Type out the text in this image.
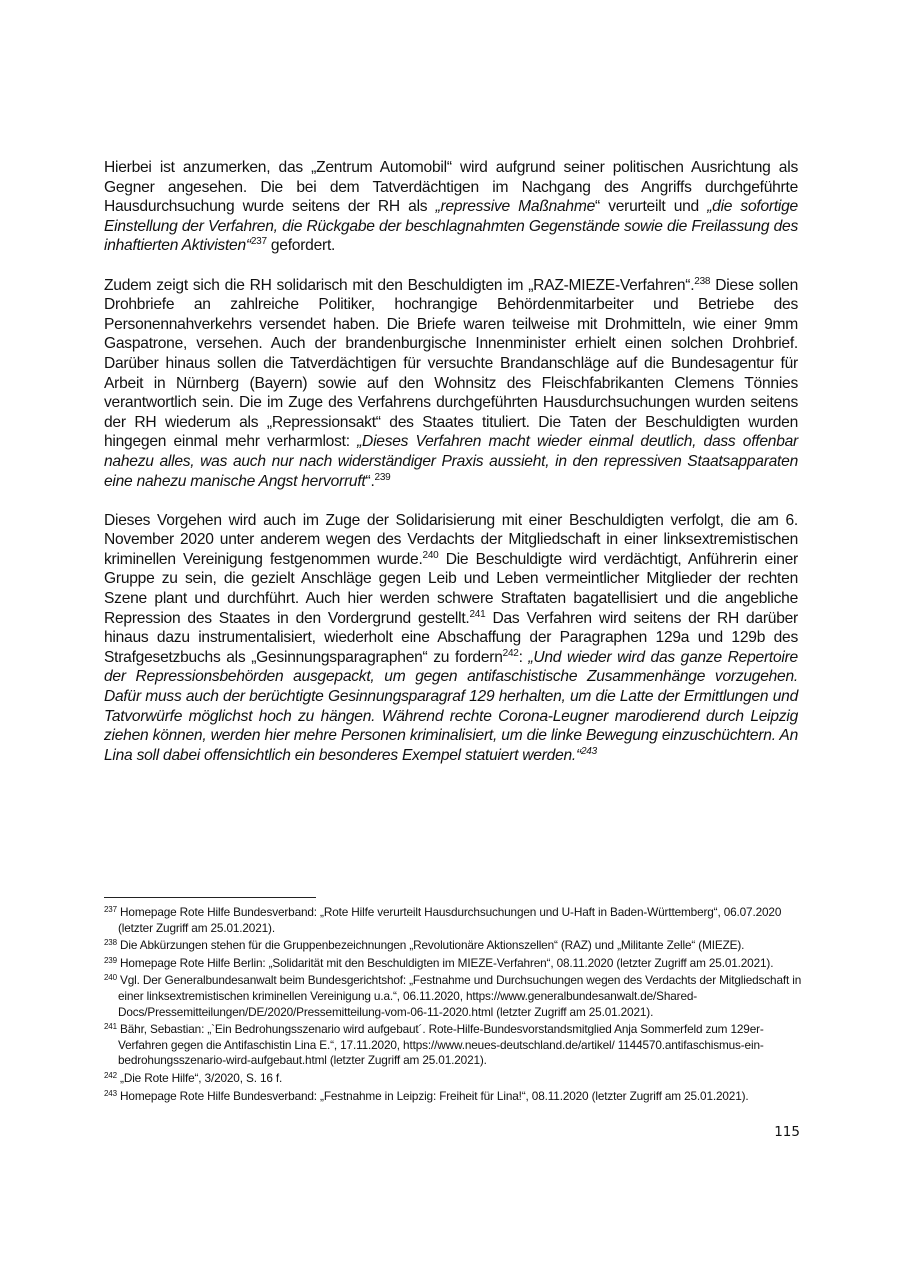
Hierbei ist anzumerken, das „Zentrum Automobil“ wird aufgrund seiner politischen Ausrichtung als Gegner angesehen. Die bei dem Tatverdächtigen im Nachgang des Angriffs durchgeführte Hausdurchsuchung wurde seitens der RH als „repressive Maßnahme“ verurteilt und „die sofortige Einstellung der Verfahren, die Rückgabe der beschlagnahmten Gegenstände sowie die Freilassung des inhaftierten Aktivisten“$^{237}$ gefordert.

Zudem zeigt sich die RH solidarisch mit den Beschuldigten im „RAZ-MIEZE-Verfahren“.$^{238}$ Diese sollen Drohbriefe an zahlreiche Politiker, hochrangige Behördenmitarbeiter und Betriebe des Personennahverkehrs versendet haben. Die Briefe waren teilweise mit Drohmitteln, wie einer 9mm Gaspatrone, versehen. Auch der brandenburgische Innenminister erhielt einen solchen Drohbrief. Darüber hinaus sollen die Tatverdächtigen für versuchte Brandanschläge auf die Bundesagentur für Arbeit in Nürnberg (Bayern) sowie auf den Wohnsitz des Fleischfabrikanten Clemens Tönnies verantwortlich sein. Die im Zuge des Verfahrens durchgeführten Hausdurchsuchungen wurden seitens der RH wiederum als „Repressionsakt“ des Staates tituliert. Die Taten der Beschuldigten wurden hingegen einmal mehr verharmlost: „Dieses Verfahren macht wieder einmal deutlich, dass offenbar nahezu alles, was auch nur nach widerständiger Praxis aussieht, in den repressiven Staatsapparaten eine nahezu manische Angst hervorruft“.$^{239}$

Dieses Vorgehen wird auch im Zuge der Solidarisierung mit einer Beschuldigten verfolgt, die am 6. November 2020 unter anderem wegen des Verdachts der Mitgliedschaft in einer linksextremistischen kriminellen Vereinigung festgenommen wurde.$^{240}$ Die Beschuldigte wird verdächtigt, Anführerin einer Gruppe zu sein, die gezielt Anschläge gegen Leib und Leben vermeintlicher Mitglieder der rechten Szene plant und durchführt. Auch hier werden schwere Straftaten bagatellisiert und die angebliche Repression des Staates in den Vordergrund gestellt.$^{241}$ Das Verfahren wird seitens der RH darüber hinaus dazu instrumentalisiert, wiederholt eine Abschaffung der Paragraphen 129a und 129b des Strafgesetzbuchs als „Gesinnungsparagraphen“ zu fordern$^{242}$: „Und wieder wird das ganze Repertoire der Repressionsbehörden ausgepackt, um gegen antifaschistische Zusammenhänge vorzugehen. Dafür muss auch der berüchtigte Gesinnungsparagraf 129 herhalten, um die Latte der Ermittlungen und Tatvorwürfe möglichst hoch zu hängen. Während rechte Corona-Leugner marodierend durch Leipzig ziehen können, werden hier mehre Personen kriminalisiert, um die linke Bewegung einzuschüchtern. An Lina soll dabei offensichtlich ein besonderes Exempel statuiert werden.“$^{243}$

$^{237}$ Homepage Rote Hilfe Bundesverband: „Rote Hilfe verurteilt Hausdurchsuchungen und U-Haft in Baden-Württemberg“, 06.07.2020 (letzter Zugriff am 25.01.2021).
$^{238}$ Die Abkürzungen stehen für die Gruppenbezeichnungen „Revolutionäre Aktionszellen“ (RAZ) und „Militante Zelle“ (MIEZE).
$^{239}$ Homepage Rote Hilfe Berlin: „Solidarität mit den Beschuldigten im MIEZE-Verfahren“, 08.11.2020 (letzter Zugriff am 25.01.2021).
$^{240}$ Vgl. Der Generalbundesanwalt beim Bundesgerichtshof: „Festnahme und Durchsuchungen wegen des Verdachts der Mitgliedschaft in einer linksextremistischen kriminellen Vereinigung u.a.“, 06.11.2020, https://www.generalbundesanwalt.de/SharedDocs/Pressemitteilungen/DE/2020/Pressemitteilung-vom-06-11-2020.html (letzter Zugriff am 25.01.2021).
$^{241}$ Bähr, Sebastian: „`Ein Bedrohungsszenario wird aufgebaut´. Rote-Hilfe-Bundesvorstandsmitglied Anja Sommerfeld zum 129er-Verfahren gegen die Antifaschistin Lina E.“, 17.11.2020, https://www.neues-deutschland.de/artikel/ 1144570.antifaschismus-ein-bedrohungsszenario-wird-aufgebaut.html (letzter Zugriff am 25.01.2021).
$^{242}$ „Die Rote Hilfe“, 3/2020, S. 16 f.
$^{243}$ Homepage Rote Hilfe Bundesverband: „Festnahme in Leipzig: Freiheit für Lina!“, 08.11.2020 (letzter Zugriff am 25.01.2021).
115
